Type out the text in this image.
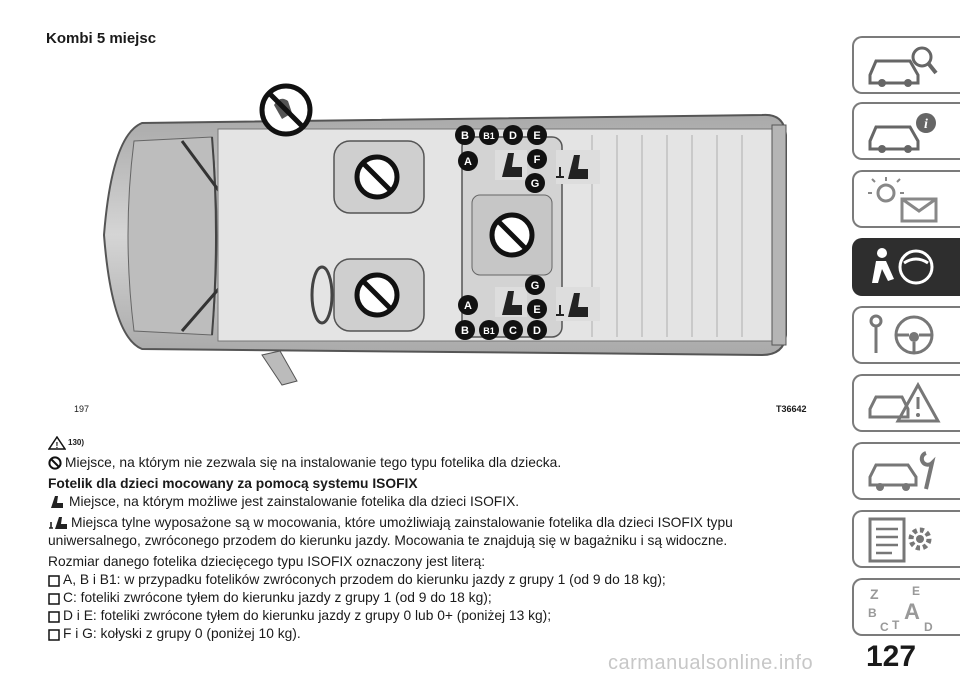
Kombi 5 miejsc
B B1 D E
A	F
G
G
A	E
B B1 C D
197	T36642
! 130)

Miejsce, na którym nie zezwala się na instalowanie tego typu fotelika dla dziecka.

Fotelik dla dzieci mocowany za pomocą systemu ISOFIX

Miejsce, na którym możliwe jest zainstalowanie fotelika dla dzieci ISOFIX.

Miejsca tylne wyposażone są w mocowania, które umożliwiają zainstalowanie fotelika dla dzieci ISOFIX typu uniwersalnego, zwróconego przodem do kierunku jazdy. Mocowania te znajdują się w bagażniku i są widoczne.

Rozmiar danego fotelika dziecięcego typu ISOFIX oznaczony jest literą:

A, B i B1: w przypadku fotelików zwróconych przodem do kierunku jazdy z grupy 1 (od 9 do 18 kg);

C: foteliki zwrócone tyłem do kierunku jazdy z grupy 1 (od 9 do 18 kg);

D i E: foteliki zwrócone tyłem do kierunku jazdy z grupy 0 lub 0+ (poniżej 13 kg);

F i G: kołyski z grupy 0 (poniżej 10 kg).

i
Z	E
B A
C T D
127
carmanualsonline.info
